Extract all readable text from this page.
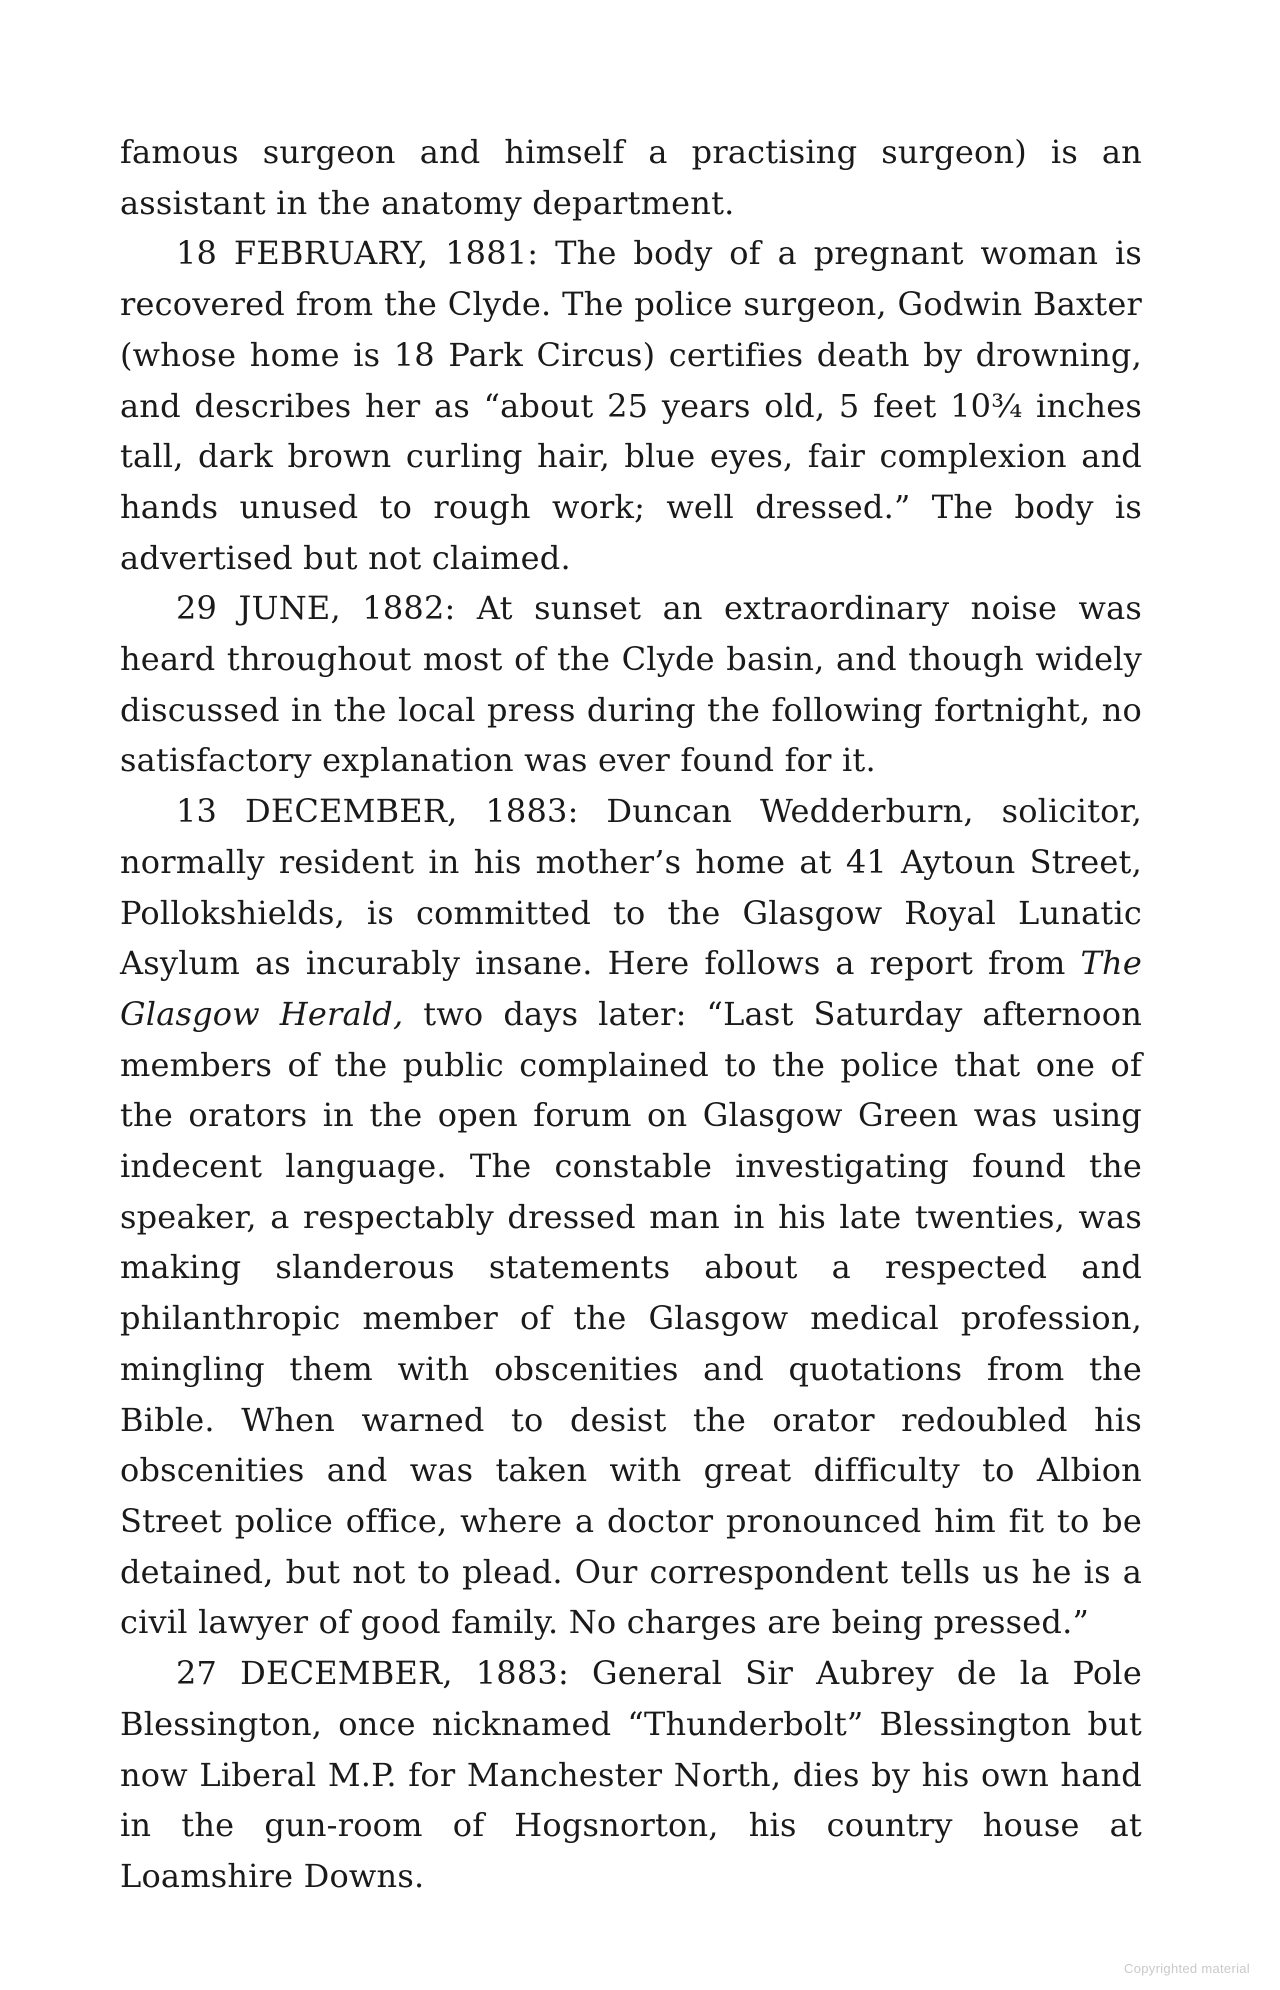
famous surgeon and himself a practising surgeon) is an assistant in the anatomy department.

18 FEBRUARY, 1881: The body of a pregnant woman is recovered from the Clyde. The police surgeon, Godwin Baxter (whose home is 18 Park Circus) certifies death by drowning, and describes her as “about 25 years old, 5 feet 10¾ inches tall, dark brown curling hair, blue eyes, fair complexion and hands unused to rough work; well dressed.” The body is advertised but not claimed.

29 JUNE, 1882: At sunset an extraordinary noise was heard throughout most of the Clyde basin, and though widely discussed in the local press during the following fortnight, no satisfactory explanation was ever found for it.

13 DECEMBER, 1883: Duncan Wedderburn, solicitor, normally resident in his mother’s home at 41 Aytoun Street, Pollokshields, is committed to the Glasgow Royal Lunatic Asylum as incurably insane. Here follows a report from The Glasgow Herald, two days later: “Last Saturday afternoon members of the public complained to the police that one of the orators in the open forum on Glasgow Green was using indecent language. The constable investigating found the speaker, a respectably dressed man in his late twenties, was making slanderous statements about a respected and philanthropic member of the Glasgow medical profession, mingling them with obscenities and quotations from the Bible. When warned to desist the orator redoubled his obscenities and was taken with great difficulty to Albion Street police office, where a doctor pronounced him fit to be detained, but not to plead. Our correspondent tells us he is a civil lawyer of good family. No charges are being pressed.”

27 DECEMBER, 1883: General Sir Aubrey de la Pole Blessington, once nicknamed “Thunderbolt” Blessington but now Liberal M.P. for Manchester North, dies by his own hand in the gun-room of Hogsnorton, his country house at Loamshire Downs.

Copyrighted material
